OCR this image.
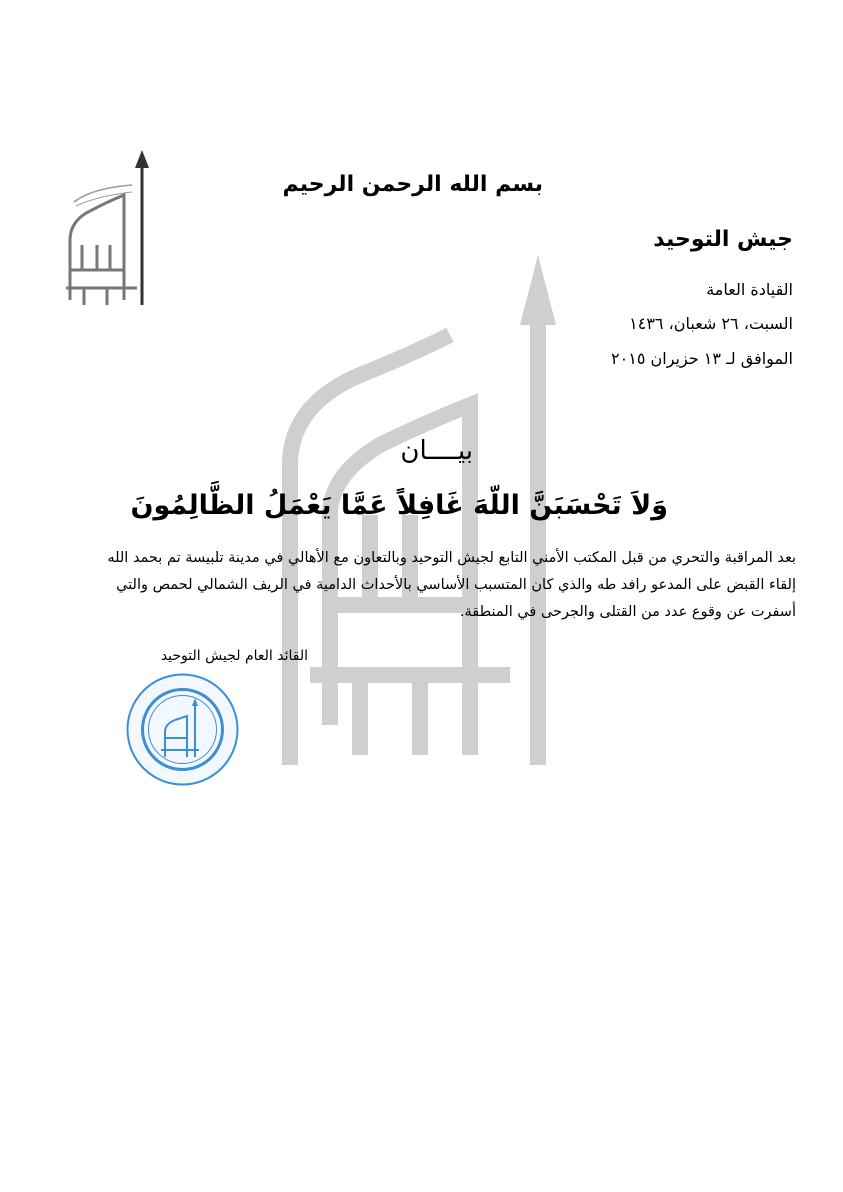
بسم الله الرحمن الرحيم
جيش التوحيد
القيادة العامة
السبت، ٢٦ شعبان، ١٤٣٦
الموافق لـ ١٣ حزيران ٢٠١٥
بيــــان
وَلاَ تَحْسَبَنَّ اللّهَ غَافِلاً عَمَّا يَعْمَلُ الظَّالِمُونَ
بعد المراقبة والتحري من قبل المكتب الأمني التابع لجيش التوحيد وبالتعاون مع الأهالي في مدينة تلبيسة تم بحمد الله
إلقاء القبض على المدعو رافد طه والذي كان المتسبب الأساسي بالأحداث الدامية في الريف الشمالي لحمص والتي
أسفرت عن وقوع عدد من القتلى والجرحى في المنطقة.
القائد العام لجيش التوحيد
